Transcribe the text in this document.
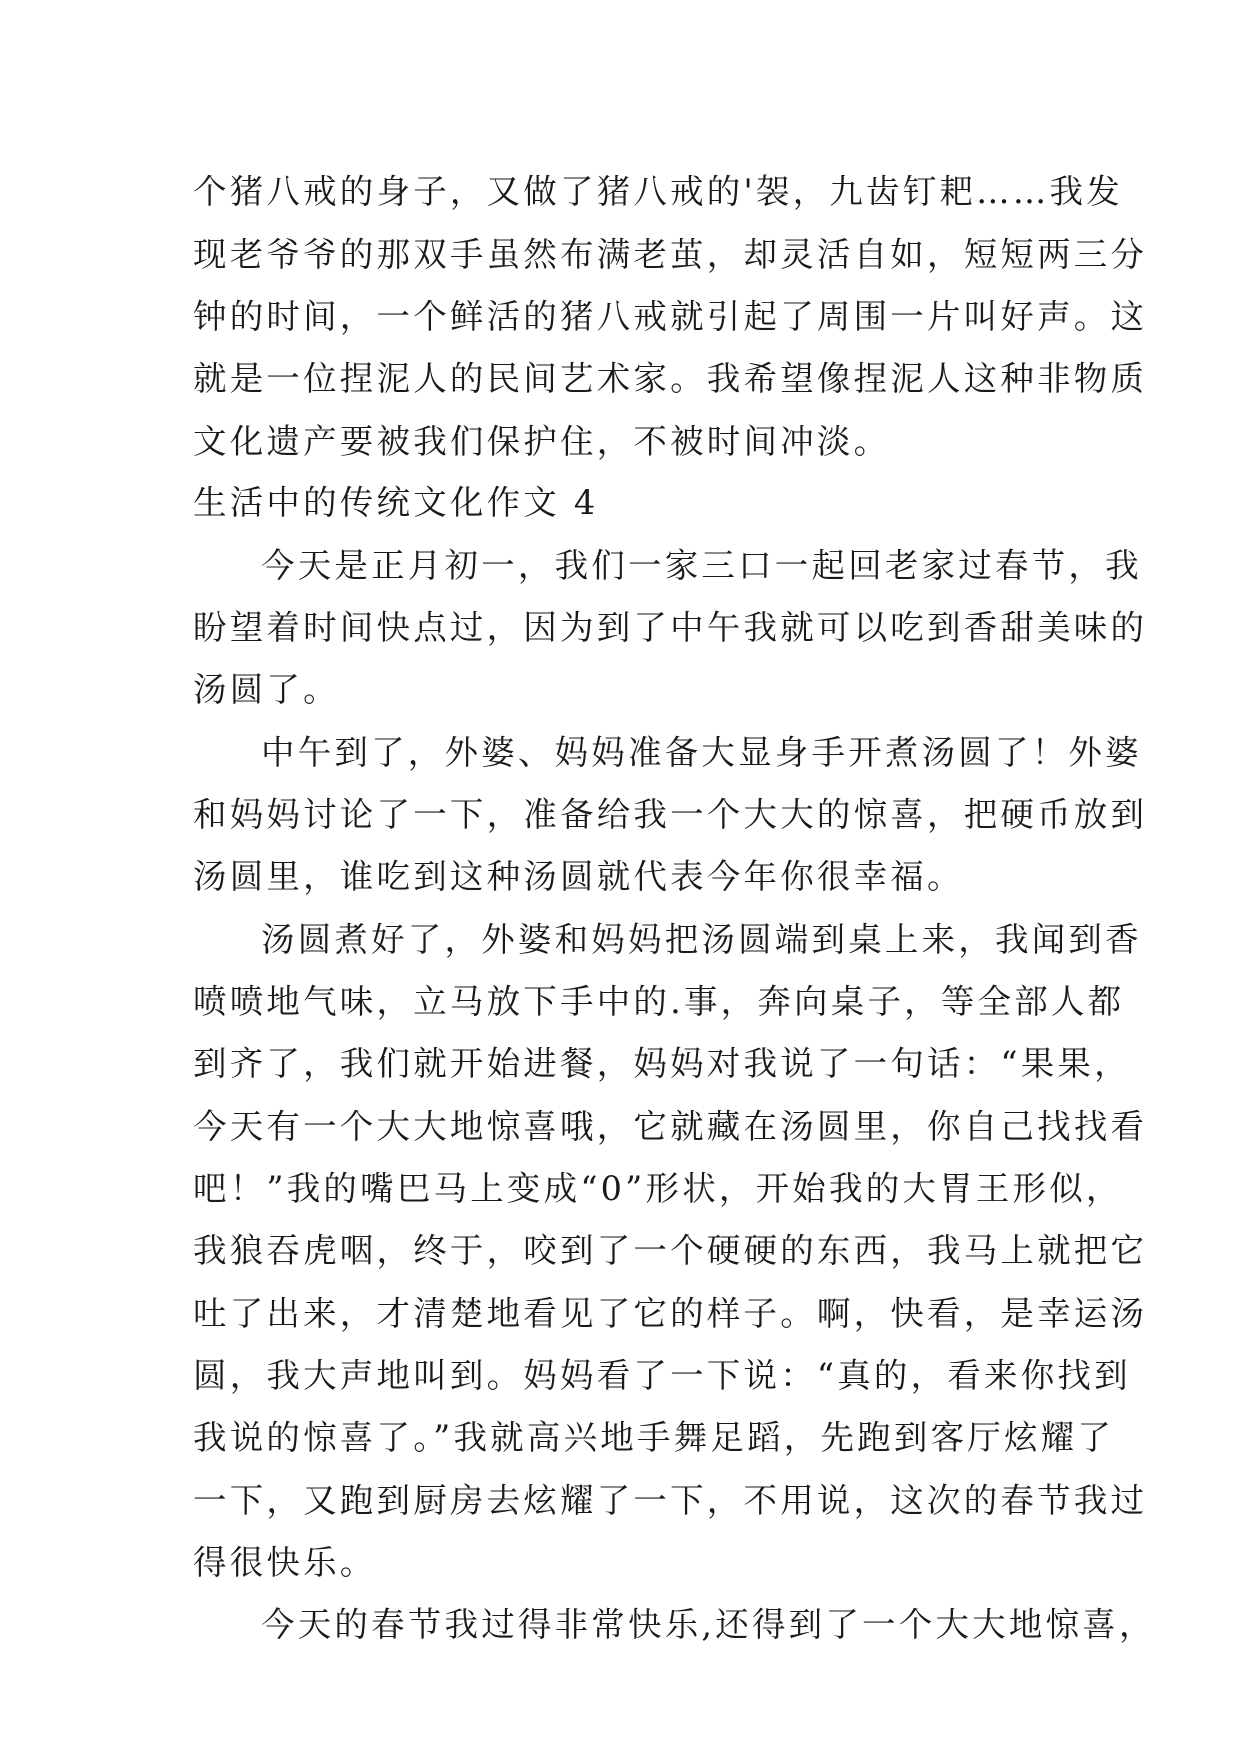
个猪八戒的身子，又做了猪八戒的'袈，九齿钉耙……我发
现老爷爷的那双手虽然布满老茧，却灵活自如，短短两三分
钟的时间，一个鲜活的猪八戒就引起了周围一片叫好声。这
就是一位捏泥人的民间艺术家。我希望像捏泥人这种非物质
文化遗产要被我们保护住，不被时间冲淡。
生活中的传统文化作文 4
今天是正月初一，我们一家三口一起回老家过春节，我
盼望着时间快点过，因为到了中午我就可以吃到香甜美味的
汤圆了。
中午到了，外婆、妈妈准备大显身手开煮汤圆了！外婆
和妈妈讨论了一下，准备给我一个大大的惊喜，把硬币放到
汤圆里，谁吃到这种汤圆就代表今年你很幸福。
汤圆煮好了，外婆和妈妈把汤圆端到桌上来，我闻到香
喷喷地气味，立马放下手中的.事，奔向桌子，等全部人都
到齐了，我们就开始进餐，妈妈对我说了一句话：“果果，
今天有一个大大地惊喜哦，它就藏在汤圆里，你自己找找看
吧！”我的嘴巴马上变成“0”形状，开始我的大胃王形似，
我狼吞虎咽，终于，咬到了一个硬硬的东西，我马上就把它
吐了出来，才清楚地看见了它的样子。啊，快看，是幸运汤
圆，我大声地叫到。妈妈看了一下说：“真的，看来你找到
我说的惊喜了。”我就高兴地手舞足蹈，先跑到客厅炫耀了
一下，又跑到厨房去炫耀了一下，不用说，这次的春节我过
得很快乐。
今天的春节我过得非常快乐,还得到了一个大大地惊喜，
